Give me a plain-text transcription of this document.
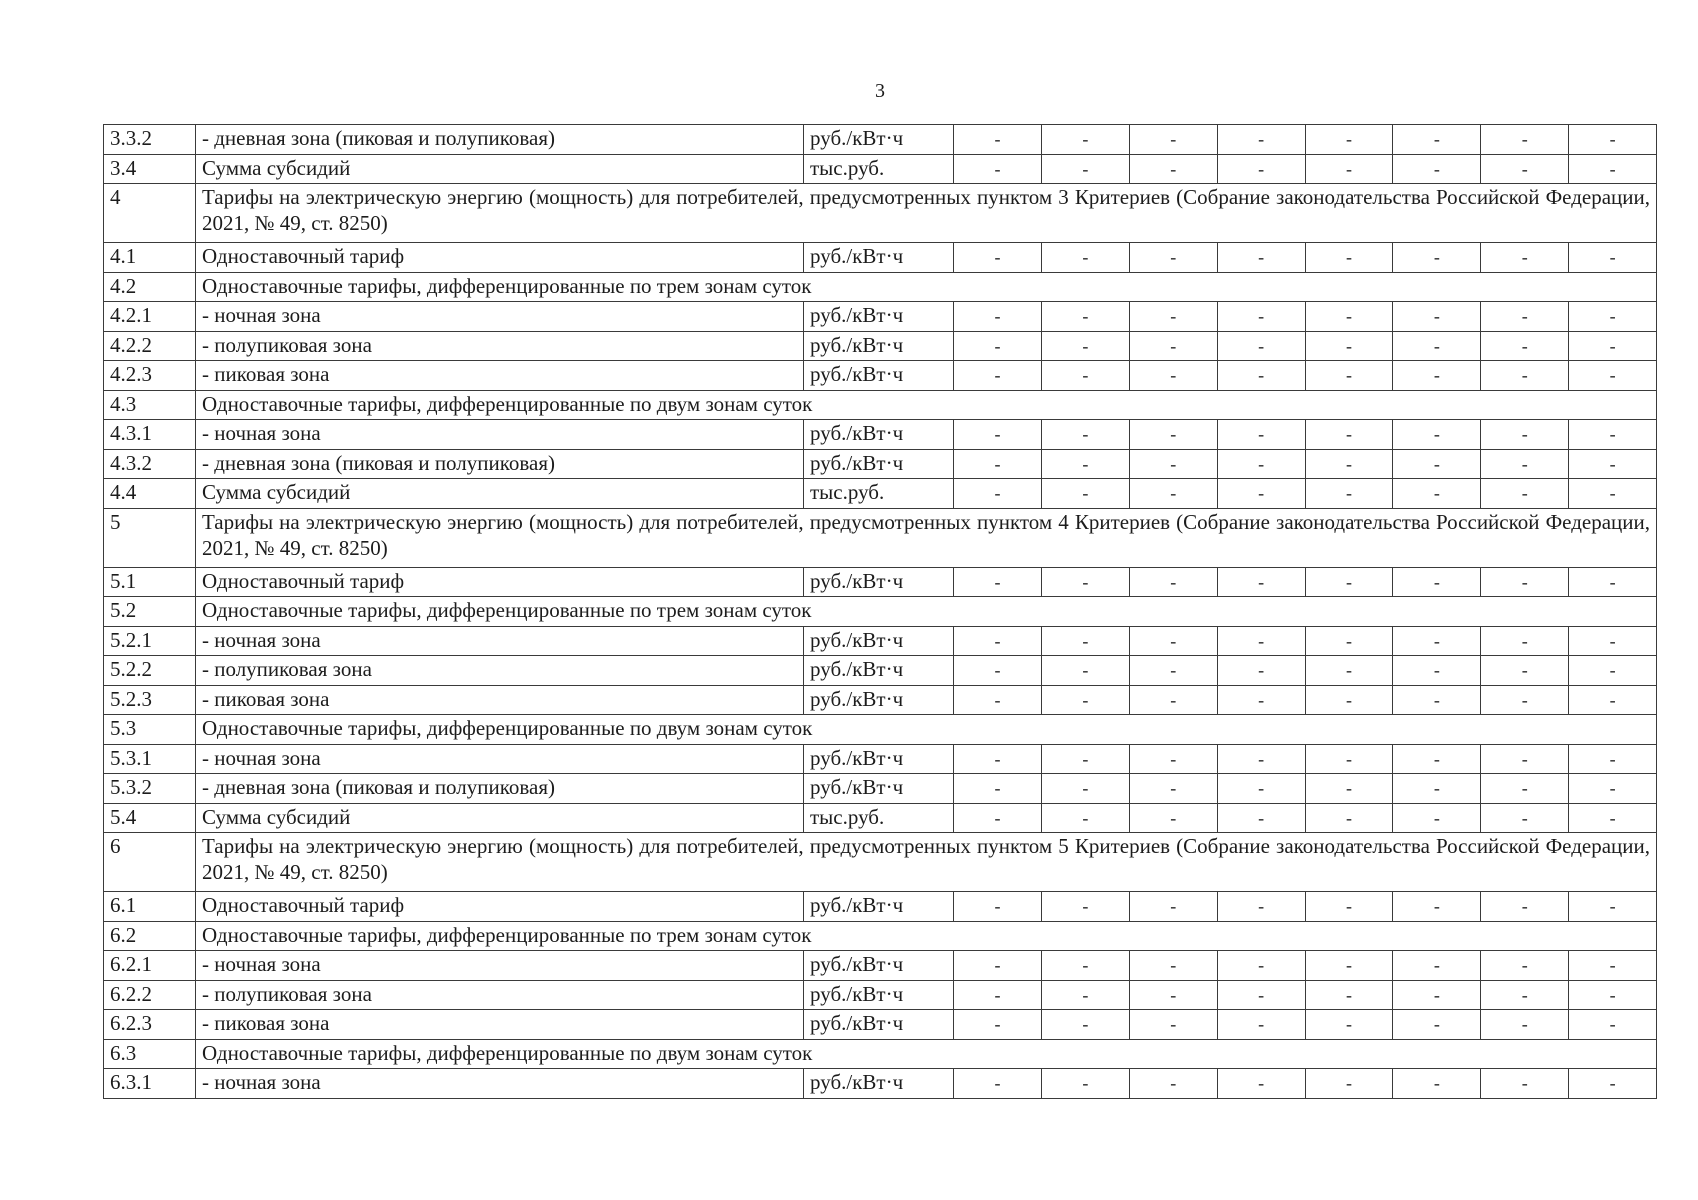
3
3.3.2	- дневная зона (пиковая и полупиковая)	руб./кВт·ч	-	-	-	-	-	-	-	-
3.4	Сумма субсидий	тыс.руб.	-	-	-	-	-	-	-	-
4	Тарифы на электрическую энергию (мощность) для потребителей, предусмотренных пунктом 3 Критериев (Собрание законодательства Российской Федерации, 2021, № 49, ст. 8250)									
4.1	Одноставочный тариф	руб./кВт·ч	-	-	-	-	-	-	-	-
4.2	Одноставочные тарифы, дифференцированные по трем зонам суток									
4.2.1	- ночная зона	руб./кВт·ч	-	-	-	-	-	-	-	-
4.2.2	- полупиковая зона	руб./кВт·ч	-	-	-	-	-	-	-	-
4.2.3	- пиковая зона	руб./кВт·ч	-	-	-	-	-	-	-	-
4.3	Одноставочные тарифы, дифференцированные по двум зонам суток									
4.3.1	- ночная зона	руб./кВт·ч	-	-	-	-	-	-	-	-
4.3.2	- дневная зона (пиковая и полупиковая)	руб./кВт·ч	-	-	-	-	-	-	-	-
4.4	Сумма субсидий	тыс.руб.	-	-	-	-	-	-	-	-
5	Тарифы на электрическую энергию (мощность) для потребителей, предусмотренных пунктом 4 Критериев (Собрание законодательства Российской Федерации, 2021, № 49, ст. 8250)									
5.1	Одноставочный тариф	руб./кВт·ч	-	-	-	-	-	-	-	-
5.2	Одноставочные тарифы, дифференцированные по трем зонам суток									
5.2.1	- ночная зона	руб./кВт·ч	-	-	-	-	-	-	-	-
5.2.2	- полупиковая зона	руб./кВт·ч	-	-	-	-	-	-	-	-
5.2.3	- пиковая зона	руб./кВт·ч	-	-	-	-	-	-	-	-
5.3	Одноставочные тарифы, дифференцированные по двум зонам суток									
5.3.1	- ночная зона	руб./кВт·ч	-	-	-	-	-	-	-	-
5.3.2	- дневная зона (пиковая и полупиковая)	руб./кВт·ч	-	-	-	-	-	-	-	-
5.4	Сумма субсидий	тыс.руб.	-	-	-	-	-	-	-	-
6	Тарифы на электрическую энергию (мощность) для потребителей, предусмотренных пунктом 5 Критериев (Собрание законодательства Российской Федерации, 2021, № 49, ст. 8250)									
6.1	Одноставочный тариф	руб./кВт·ч	-	-	-	-	-	-	-	-
6.2	Одноставочные тарифы, дифференцированные по трем зонам суток									
6.2.1	- ночная зона	руб./кВт·ч	-	-	-	-	-	-	-	-
6.2.2	- полупиковая зона	руб./кВт·ч	-	-	-	-	-	-	-	-
6.2.3	- пиковая зона	руб./кВт·ч	-	-	-	-	-	-	-	-
6.3	Одноставочные тарифы, дифференцированные по двум зонам суток									
6.3.1	- ночная зона	руб./кВт·ч	-	-	-	-	-	-	-	-
